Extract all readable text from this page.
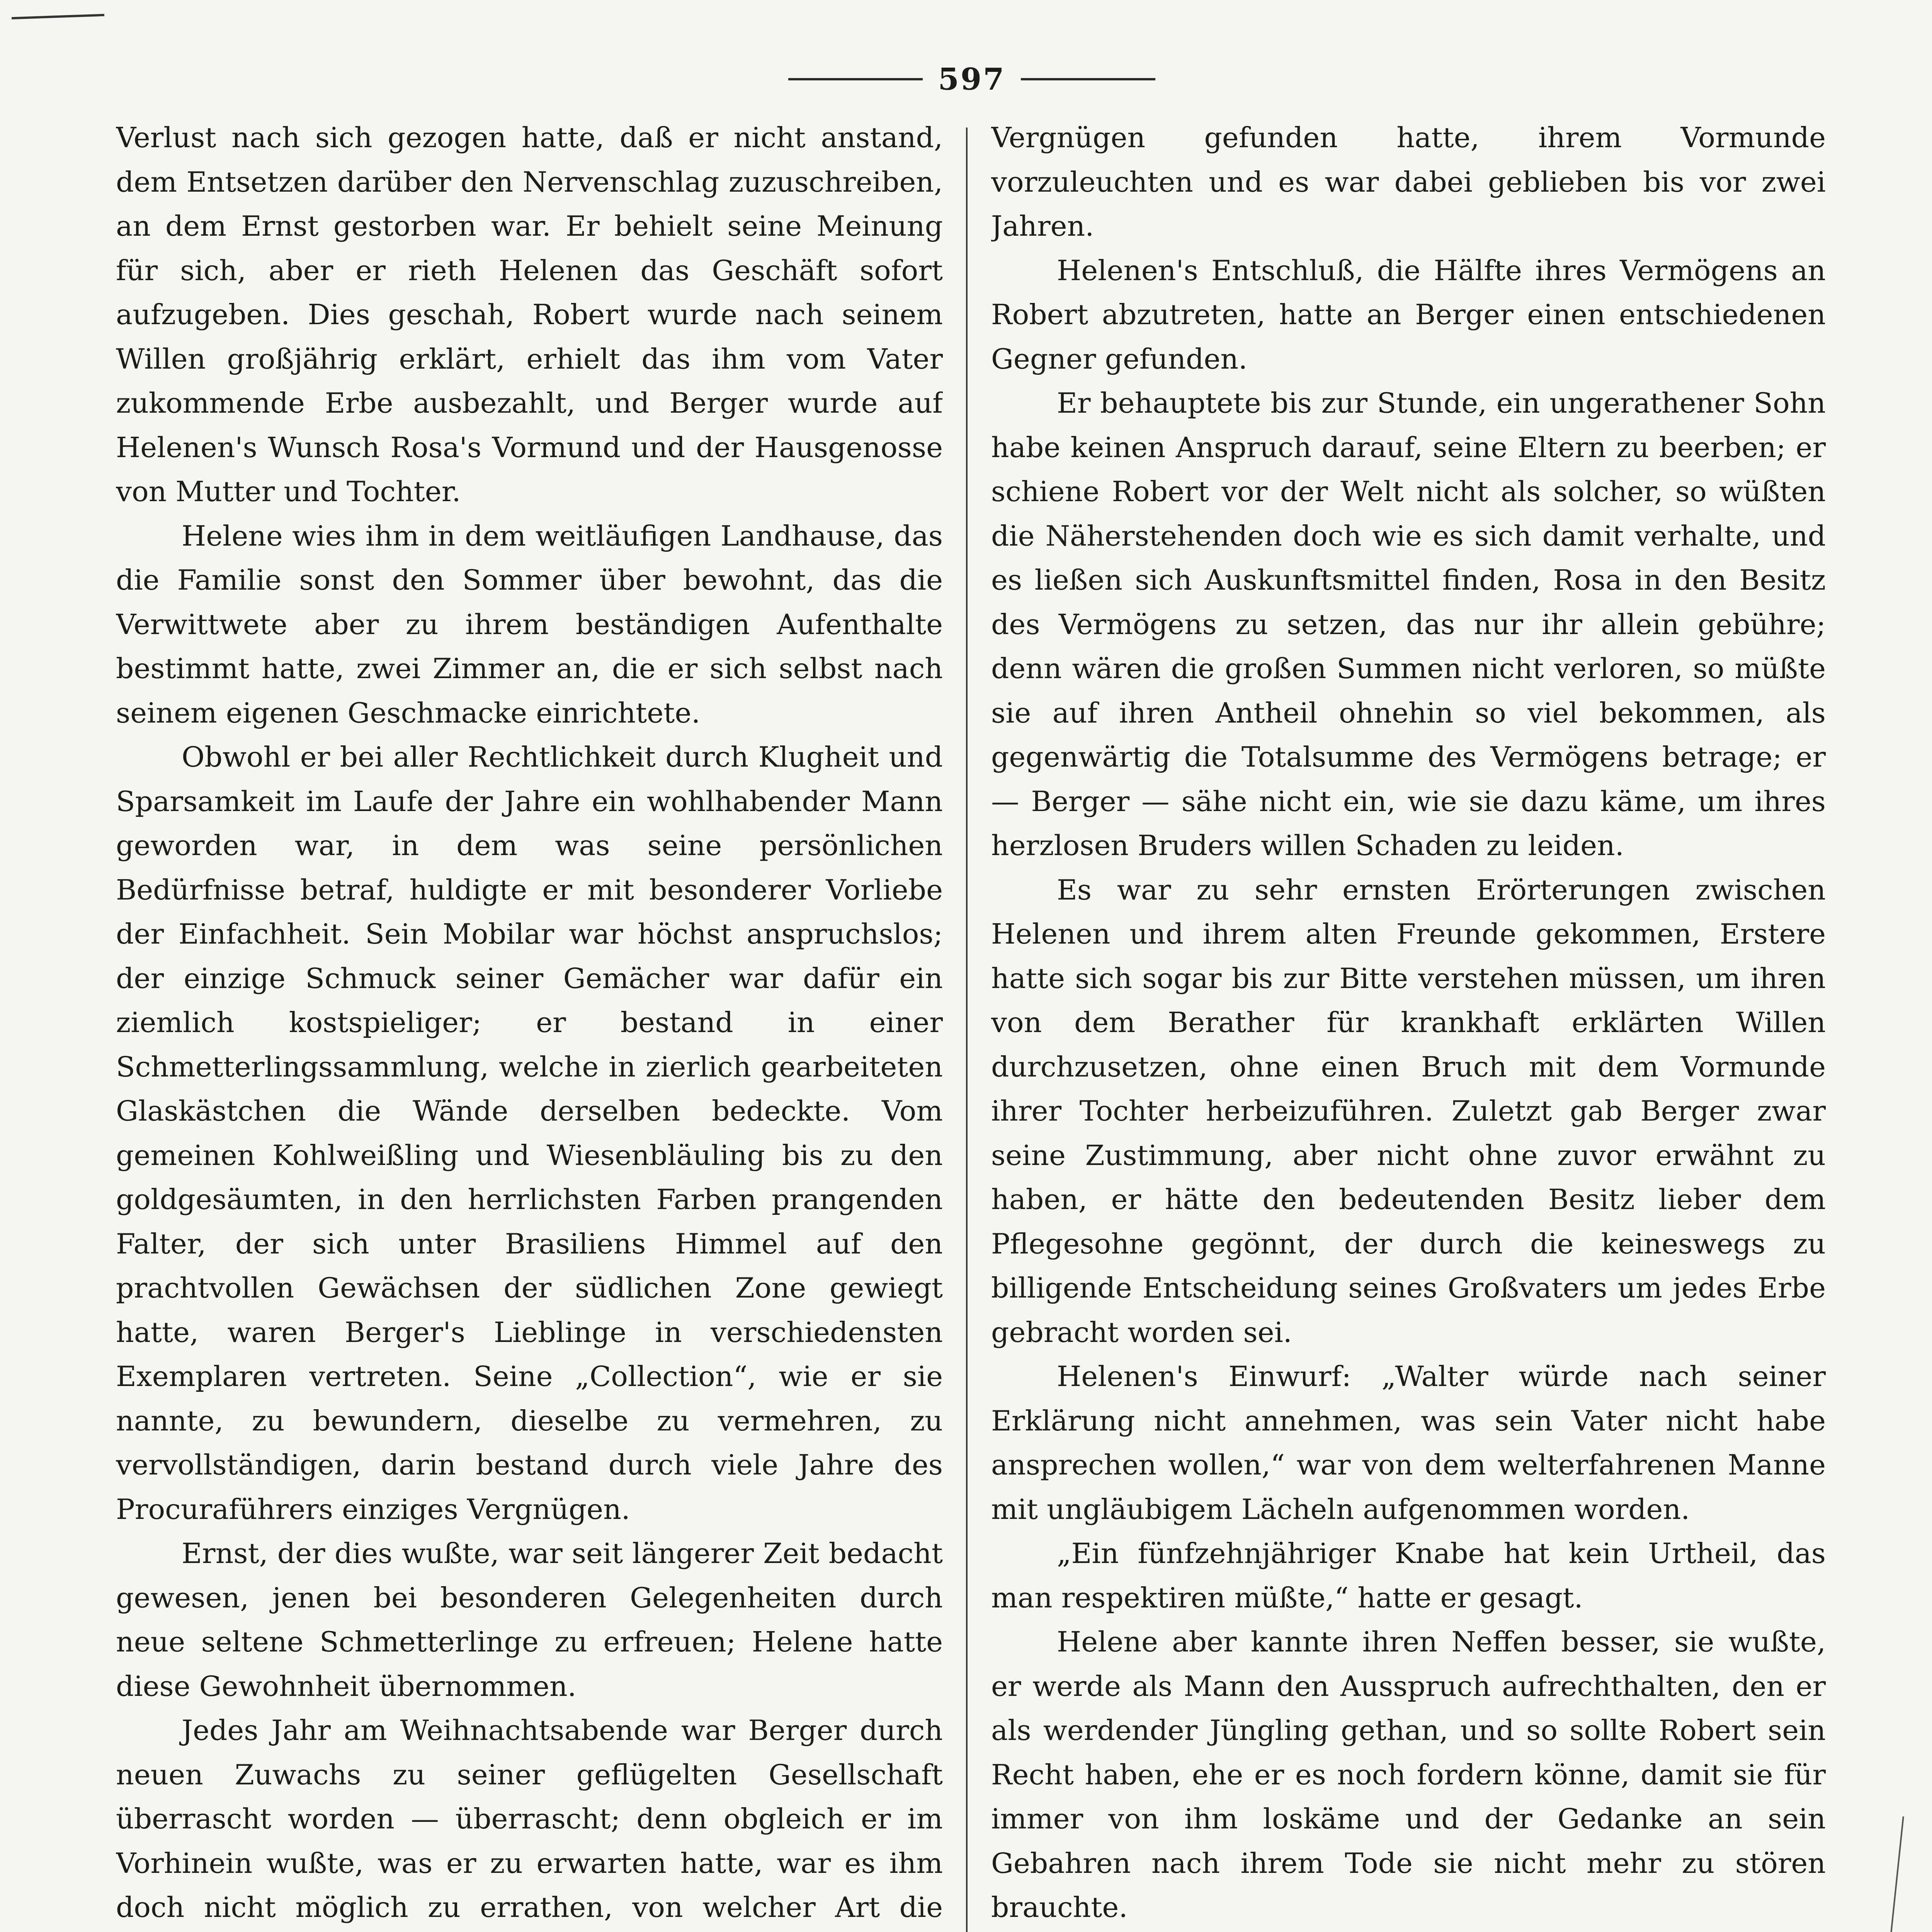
597

Verlust nach sich gezogen hatte, daß er nicht anstand, dem Entsetzen darüber den Nervenschlag zuzuschreiben, an dem Ernst gestorben war. Er behielt seine Meinung für sich, aber er rieth Helenen das Geschäft sofort aufzugeben. Dies geschah, Robert wurde nach seinem Willen großjährig erklärt, erhielt das ihm vom Vater zukommende Erbe ausbezahlt, und Berger wurde auf Helenen's Wunsch Rosa's Vormund und der Hausgenosse von Mutter und Tochter.

Helene wies ihm in dem weitläufigen Landhause, das die Familie sonst den Sommer über bewohnt, das die Verwittwete aber zu ihrem beständigen Aufenthalte bestimmt hatte, zwei Zimmer an, die er sich selbst nach seinem eigenen Geschmacke einrichtete.

Obwohl er bei aller Rechtlichkeit durch Klugheit und Sparsamkeit im Laufe der Jahre ein wohlhabender Mann geworden war, in dem was seine persönlichen Bedürfnisse betraf, huldigte er mit besonderer Vorliebe der Einfachheit. Sein Mobilar war höchst anspruchslos; der einzige Schmuck seiner Gemächer war dafür ein ziemlich kostspieliger; er bestand in einer Schmetterlingssammlung, welche in zierlich gearbeiteten Glaskästchen die Wände derselben bedeckte. Vom gemeinen Kohlweißling und Wiesenbläuling bis zu den goldgesäumten, in den herrlichsten Farben prangenden Falter, der sich unter Brasiliens Himmel auf den prachtvollen Gewächsen der südlichen Zone gewiegt hatte, waren Berger's Lieblinge in verschiedensten Exemplaren vertreten. Seine „Collection“, wie er sie nannte, zu bewundern, dieselbe zu vermehren, zu vervollständigen, darin bestand durch viele Jahre des Procuraführers einziges Vergnügen.

Ernst, der dies wußte, war seit längerer Zeit bedacht gewesen, jenen bei besonderen Gelegenheiten durch neue seltene Schmetterlinge zu erfreuen; Helene hatte diese Gewohnheit übernommen.

Jedes Jahr am Weihnachtsabende war Berger durch neuen Zuwachs zu seiner geflügelten Gesellschaft überrascht worden — überrascht; denn obgleich er im Vorhinein wußte, was er zu erwarten hatte, war es ihm doch nicht möglich zu errathen, von welcher Art die

Vergnügen gefunden hatte, ihrem Vormunde vorzuleuchten und es war dabei geblieben bis vor zwei Jahren.

Helenen's Entschluß, die Hälfte ihres Vermögens an Robert abzutreten, hatte an Berger einen entschiedenen Gegner gefunden.

Er behauptete bis zur Stunde, ein ungerathener Sohn habe keinen Anspruch darauf, seine Eltern zu beerben; er schiene Robert vor der Welt nicht als solcher, so wüßten die Näherstehenden doch wie es sich damit verhalte, und es ließen sich Auskunftsmittel finden, Rosa in den Besitz des Vermögens zu setzen, das nur ihr allein gebühre; denn wären die großen Summen nicht verloren, so müßte sie auf ihren Antheil ohnehin so viel bekommen, als gegenwärtig die Totalsumme des Vermögens betrage; er — Berger — sähe nicht ein, wie sie dazu käme, um ihres herzlosen Bruders willen Schaden zu leiden.

Es war zu sehr ernsten Erörterungen zwischen Helenen und ihrem alten Freunde gekommen, Erstere hatte sich sogar bis zur Bitte verstehen müssen, um ihren von dem Berather für krankhaft erklärten Willen durchzusetzen, ohne einen Bruch mit dem Vormunde ihrer Tochter herbeizuführen. Zuletzt gab Berger zwar seine Zustimmung, aber nicht ohne zuvor erwähnt zu haben, er hätte den bedeutenden Besitz lieber dem Pflegesohne gegönnt, der durch die keineswegs zu billigende Entscheidung seines Großvaters um jedes Erbe gebracht worden sei.

Helenen's Einwurf: „Walter würde nach seiner Erklärung nicht annehmen, was sein Vater nicht habe ansprechen wollen,“ war von dem welterfahrenen Manne mit ungläubigem Lächeln aufgenommen worden.

„Ein fünfzehnjähriger Knabe hat kein Urtheil, das man respektiren müßte,“ hatte er gesagt.

Helene aber kannte ihren Neffen besser, sie wußte, er werde als Mann den Ausspruch aufrechthalten, den er als werdender Jüngling gethan, und so sollte Robert sein Recht haben, ehe er es noch fordern könne, damit sie für immer von ihm loskäme und der Gedanke an sein Gebahren nach ihrem Tode sie nicht mehr zu stören brauchte.
